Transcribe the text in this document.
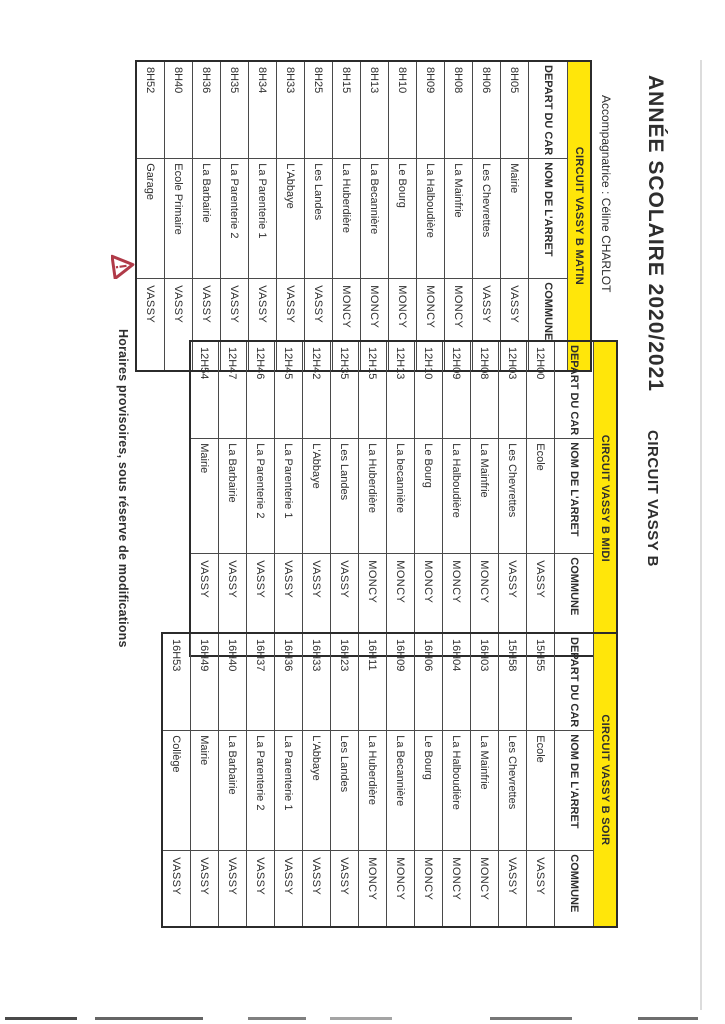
ANNÉE SCOLAIRE 2020/2021
CIRCUIT VASSY B
Accompagnatrice : Céline CHARLOT
CIRCUIT VASSY B MATIN		
DEPART DU CAR	NOM DE L'ARRET	COMMUNE
8H05	Mairie	VASSY
8H06	Les Chevrettes	VASSY
8H08	La Mainfrie	MONCY
8H09	La Halboudière	MONCY
8H10	Le Bourg	MONCY
8H13	La Becannière	MONCY
8H15	La Huberdière	MONCY
8H25	Les Landes	VASSY
8H33	L'Abbaye	VASSY
8H34	La Parenterie 1	VASSY
8H35	La Parenterie 2	VASSY
8H36	La Barbairie	VASSY
8H40	Ecole Primaire	VASSY
8H52	Garage	VASSY
CIRCUIT VASSY B MIDI		
DEPART DU CAR	NOM DE L'ARRET	COMMUNE
12H00	Ecole	VASSY
12H03	Les Chevrettes	VASSY
12H08	La Mainfrie	MONCY
12H09	La Halboudière	MONCY
12H10	Le Bourg	MONCY
12H13	La becannière	MONCY
12H15	La Huberdière	MONCY
12H35	Les Landes	VASSY
12H42	L'Abbaye	VASSY
12H45	La Parenterie 1	VASSY
12H46	La Parenterie 2	VASSY
12H47	La Barbairie	VASSY
12H54	Mairie	VASSY
CIRCUIT VASSY B SOIR		
DEPART DU CAR	NOM DE L'ARRET	COMMUNE
15H55	Ecole	VASSY
15H58	Les Chevrettes	VASSY
16H03	La Mainfrie	MONCY
16H04	La Halboudière	MONCY
16H06	Le Bourg	MONCY
16H09	La Becannière	MONCY
16H11	La Huberdière	MONCY
16H23	Les Landes	VASSY
16H33	L'Abbaye	VASSY
16H36	La Parenterie 1	VASSY
16H37	La Parenterie 2	VASSY
16H40	La Barbairie	VASSY
16H49	Mairie	VASSY
16H53	Collège	VASSY
Horaires provisoires, sous réserve de modifications
